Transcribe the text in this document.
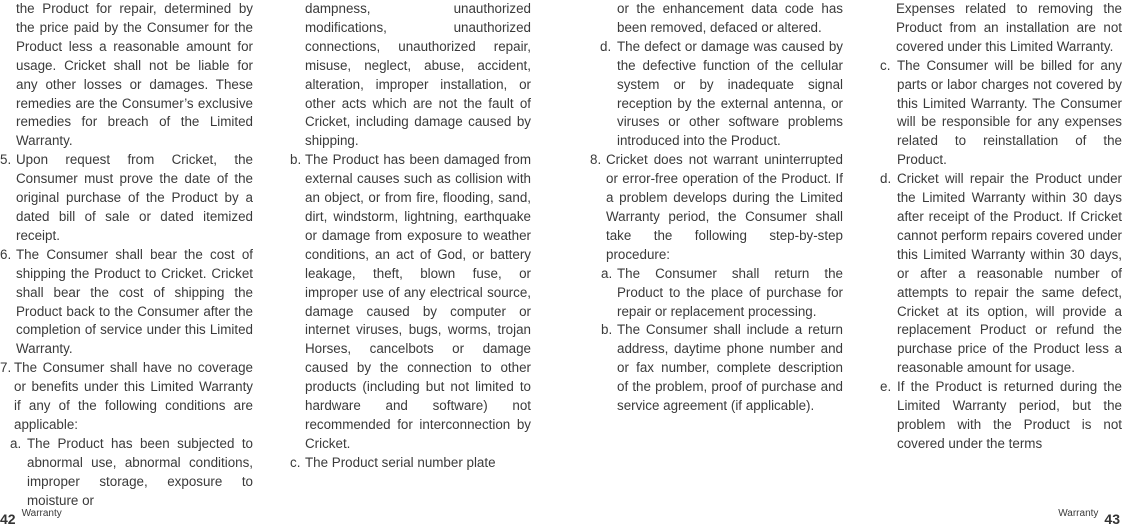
the Product for repair, determined by the price paid by the Consumer for the Product less a reasonable amount for usage. Cricket shall not be liable for any other losses or damages. These remedies are the Consumer’s exclusive remedies for breach of the Limited Warranty.

5. Upon request from Cricket, the Consumer must prove the date of the original purchase of the Product by a dated bill of sale or dated itemized receipt.
6. The Consumer shall bear the cost of shipping the Product to Cricket. Cricket shall bear the cost of shipping the Product back to the Consumer after the completion of service under this Limited Warranty.
7. The Consumer shall have no coverage or benefits under this Limited Warranty if any of the following conditions are applicable:
a. The Product has been subjected to abnormal use, abnormal conditions, improper storage, exposure to moisture or

dampness, unauthorized modifications, unauthorized connections, unauthorized repair, misuse, neglect, abuse, accident, alteration, improper installation, or other acts which are not the fault of Cricket, including damage caused by shipping.

b. The Product has been damaged from external causes such as collision with an object, or from fire, flooding, sand, dirt, windstorm, lightning, earthquake or damage from exposure to weather conditions, an act of God, or battery leakage, theft, blown fuse, or improper use of any electrical source, damage caused by computer or internet viruses, bugs, worms, trojan Horses, cancelbots or damage caused by the connection to other products (including but not limited to hardware and software) not recommended for interconnection by Cricket.
c. The Product serial number plate

or the enhancement data code has been removed, defaced or altered.

d. The defect or damage was caused by the defective function of the cellular system or by inadequate signal reception by the external antenna, or viruses or other software problems introduced into the Product.
8. Cricket does not warrant uninterrupted or error-free operation of the Product. If a problem develops during the Limited Warranty period, the Consumer shall take the following step-by-step procedure:
a. The Consumer shall return the Product to the place of purchase for repair or replacement processing.
b. The Consumer shall include a return address, daytime phone number and or fax number, complete description of the problem, proof of purchase and service agreement (if applicable).

Expenses related to removing the Product from an installation are not covered under this Limited Warranty.

c. The Consumer will be billed for any parts or labor charges not covered by this Limited Warranty. The Consumer will be responsible for any expenses related to reinstallation of the Product.
d. Cricket will repair the Product under the Limited Warranty within 30 days after receipt of the Product. If Cricket cannot perform repairs covered under this Limited Warranty within 30 days, or after a reasonable number of attempts to repair the same defect, Cricket at its option, will provide a replacement Product or refund the purchase price of the Product less a reasonable amount for usage.
e. If the Product is returned during the Limited Warranty period, but the problem with the Product is not covered under the terms
42 Warranty	Warranty 43
